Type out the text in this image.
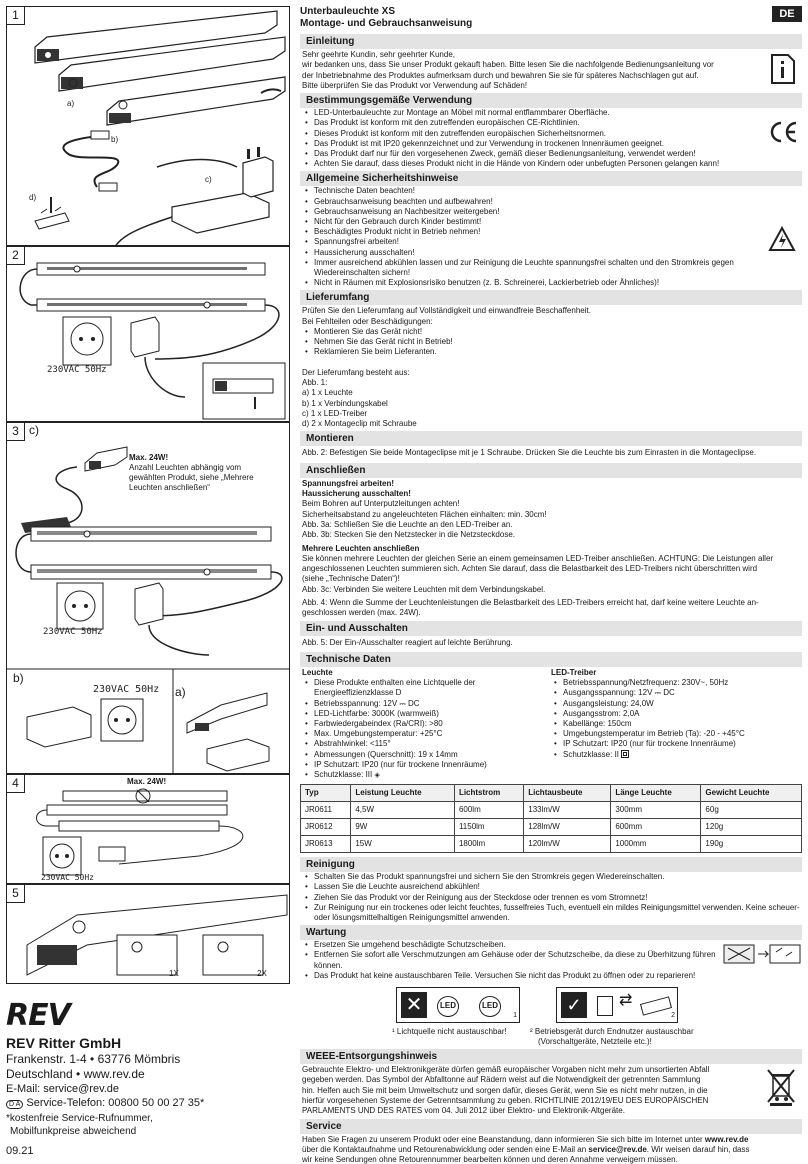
1
a)
b)
c)
d)
2
230VAC 50Hz
3 c)
Max. 24W!
Anzahl Leuchten abhängig vom gewählten Produkt, siehe „Mehrere Leuchten anschließen“
230VAC 50Hz
b)
230VAC 50Hz a)
4	Max. 24W!
230VAC 50Hz
5
1X	2X
REV
REV Ritter GmbH
Frankenstr. 1-4 • 63776 Mömbris
Deutschland • www.rev.de
E-Mail: service@rev.de
D A Service-Telefon: 00800 50 00 27 35*
*kostenfreie Service-Rufnummer,
Mobilfunkpreise abweichend
09.21
Unterbauleuchte XS
Montage- und Gebrauchsanweisung
DE
Einleitung
Sehr geehrte Kundin, sehr geehrter Kunde,
wir bedanken uns, dass Sie unser Produkt gekauft haben. Bitte lesen Sie die nachfolgende Bedienungsanleitung vor
der Inbetriebnahme des Produktes aufmerksam durch und bewahren Sie sie für späteres Nachschlagen gut auf.
Bitte überprüfen Sie das Produkt vor Verwendung auf Schäden!
Bestimmungsgemäße Verwendung
• LED-Unterbauleuchte zur Montage an Möbel mit normal entflammbarer Oberfläche.
• Das Produkt ist konform mit den zutreffenden europäischen CE-Richtlinien.
• Dieses Produkt ist konform mit den zutreffenden europäischen Sicherheitsnormen.
• Das Produkt ist mit IP20 gekennzeichnet und zur Verwendung in trockenen Innenräumen geeignet.
• Das Produkt darf nur für den vorgesehenen Zweck, gemäß dieser Bedienungsanleitung, verwendet werden!
• Achten Sie darauf, dass dieses Produkt nicht in die Hände von Kindern oder unbefugten Personen gelangen kann!
Allgemeine Sicherheitshinweise
• Technische Daten beachten!
• Gebrauchsanweisung beachten und aufbewahren!
• Gebrauchsanweisung an Nachbesitzer weitergeben!
• Nicht für den Gebrauch durch Kinder bestimmt!
• Beschädigtes Produkt nicht in Betrieb nehmen!
• Spannungsfrei arbeiten!
• Haussicherung ausschalten!
• Immer ausreichend abkühlen lassen und zur Reinigung die Leuchte spannungsfrei schalten und den Stromkreis gegen Wiedereinschalten sichern!
• Nicht in Räumen mit Explosionsrisiko benutzen (z. B. Schreinerei, Lackierbetrieb oder Ähnliches)!
Lieferumfang
Prüfen Sie den Lieferumfang auf Vollständigkeit und einwandfreie Beschaffenheit.
Bei Fehlteilen oder Beschädigungen:
• Montieren Sie das Gerät nicht!
• Nehmen Sie das Gerät nicht in Betrieb!
• Reklamieren Sie beim Lieferanten.
Der Lieferumfang besteht aus:
Abb. 1:
a) 1 x Leuchte
b) 1 x Verbindungskabel
c) 1 x LED-Treiber
d) 2 x Montageclip mit Schraube
Montieren
Abb. 2: Befestigen Sie beide Montageclipse mit je 1 Schraube. Drücken Sie die Leuchte bis zum Einrasten in die Montageclipse.
Anschließen
Spannungsfrei arbeiten!
Haussicherung ausschalten!
Beim Bohren auf Unterputzleitungen achten!
Sicherheitsabstand zu angeleuchteten Flächen einhalten: min. 30cm!
Abb. 3a: Schließen Sie die Leuchte an den LED-Treiber an.
Abb. 3b: Stecken Sie den Netzstecker in die Netzsteckdose.
Mehrere Leuchten anschließen
Sie können mehrere Leuchten der gleichen Serie an einem gemeinsamen LED-Treiber anschließen. ACHTUNG: Die Leistungen aller
angeschlossenen Leuchten summieren sich. Achten Sie darauf, dass die Belastbarkeit des LED-Treibers nicht überschritten wird
(siehe „Technische Daten“)!
Abb. 3c: Verbinden Sie weitere Leuchten mit dem Verbindungskabel.
Abb. 4: Wenn die Summe der Leuchtenleistungen die Belastbarkeit des LED-Treibers erreicht hat, darf keine weitere Leuchte an-
geschlossen werden (max. 24W).
Ein- und Ausschalten
Abb. 5: Der Ein-/Ausschalter reagiert auf leichte Berührung.
Technische Daten
Leuchte
• Diese Produkte enthalten eine Lichtquelle der Energieeffizienzklasse D
• Betriebsspannung: 12V ⎓ DC
• LED-Lichtfarbe: 3000K (warmweiß)
• Farbwiedergabeindex (Ra/CRI): >80
• Max. Umgebungstemperatur: +25°C
• Abstrahlwinkel: <115°
• Abmessungen (Querschnitt): 19 x 14mm
• IP Schutzart: IP20 (nur für trockene Innenräume)
• Schutzklasse: III ◈
LED-Treiber
• Betriebsspannung/Netzfrequenz: 230V~, 50Hz
• Ausgangsspannung: 12V ⎓ DC
• Ausgangsleistung: 24,0W
• Ausgangsstrom: 2,0A
• Kabellänge: 150cm
• Umgebungstemperatur im Betrieb (Ta): -20 - +45°C
• IP Schutzart: IP20 (nur für trockene Innenräume)
• Schutzklasse: II
Typ	Leistung Leuchte	Lichtstrom	Lichtausbeute	Länge Leuchte	Gewicht Leuchte
JR0611	4,5W	600lm	133lm/W	300mm	60g
JR0612	9W	1150lm	128lm/W	600mm	120g
JR0613	15W	1800lm	120lm/W	1000mm	190g
Reinigung
• Schalten Sie das Produkt spannungsfrei und sichern Sie den Stromkreis gegen Wiedereinschalten.
• Lassen Sie die Leuchte ausreichend abkühlen!
• Ziehen Sie das Produkt vor der Reinigung aus der Steckdose oder trennen es vom Stromnetz!
• Zur Reinigung nur ein trockenes oder leicht feuchtes, fusselfreies Tuch, eventuell ein mildes Reinigungsmittel verwenden. Keine scheuer- oder lösungsmittelhaltigen Reinigungsmittel anwenden.
Wartung
• Ersetzen Sie umgehend beschädigte Schutzscheiben.
• Entfernen Sie sofort alle Verschmutzungen am Gehäuse oder der Schutzscheibe, da diese zu Überhitzung führen können.
• Das Produkt hat keine austauschbaren Teile. Versuchen Sie nicht das Produkt zu öffnen oder zu reparieren!
✕	LED	LED
1	✓	⇄
2
¹ Lichtquelle nicht austauschbar!	² Betriebsgerät durch Endnutzer austauschbar
(Vorschaltgeräte, Netzteile etc.)!
WEEE-Entsorgungshinweis
Gebrauchte Elektro- und Elektronikgeräte dürfen gemäß europäischer Vorgaben nicht mehr zum unsortierten Abfall
gegeben werden. Das Symbol der Abfalltonne auf Rädern weist auf die Notwendigkeit der getrennten Sammlung
hin. Helfen auch Sie mit beim Umweltschutz und sorgen dafür, dieses Gerät, wenn Sie es nicht mehr nutzen, in die
hierfür vorgesehenen Systeme der Getrenntsammlung zu geben. RICHTLINIE 2012/19/EU DES EUROPÄISCHEN
PARLAMENTS UND DES RATES vom 04. Juli 2012 über Elektro- und Elektronik-Altgeräte.
Service
Haben Sie Fragen zu unserem Produkt oder eine Beanstandung, dann informieren Sie sich bitte im Internet unter www.rev.de
über die Kontaktaufnahme und Retourenabwicklung oder senden eine E-Mail an service@rev.de. Wir weisen darauf hin, dass
wir keine Sendungen ohne Retourennummer bearbeiten können und deren Annahme verweigern müssen.
